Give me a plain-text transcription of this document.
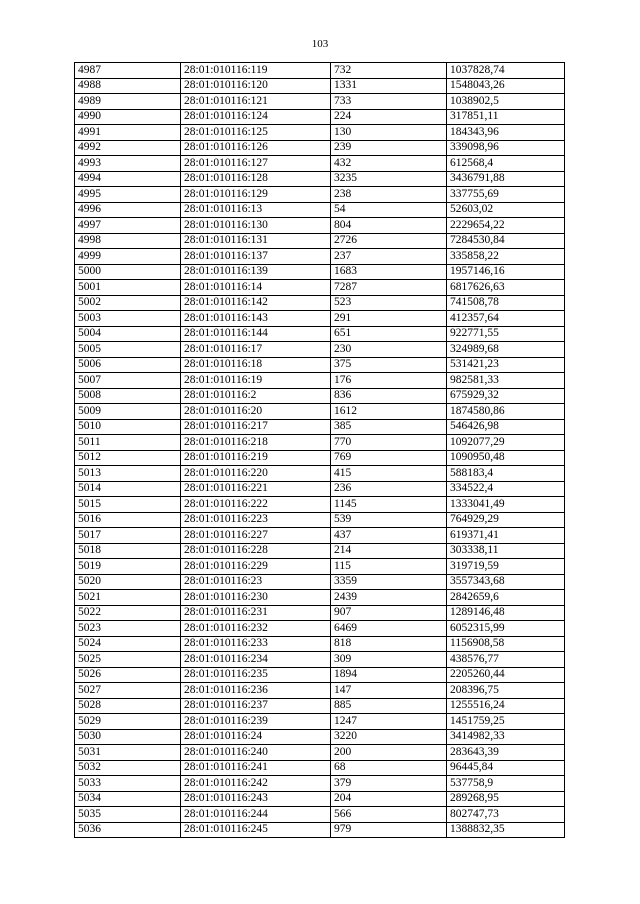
103
4987	28:01:010116:119	732	1037828,74
4988	28:01:010116:120	1331	1548043,26
4989	28:01:010116:121	733	1038902,5
4990	28:01:010116:124	224	317851,11
4991	28:01:010116:125	130	184343,96
4992	28:01:010116:126	239	339098,96
4993	28:01:010116:127	432	612568,4
4994	28:01:010116:128	3235	3436791,88
4995	28:01:010116:129	238	337755,69
4996	28:01:010116:13	54	52603,02
4997	28:01:010116:130	804	2229654,22
4998	28:01:010116:131	2726	7284530,84
4999	28:01:010116:137	237	335858,22
5000	28:01:010116:139	1683	1957146,16
5001	28:01:010116:14	7287	6817626,63
5002	28:01:010116:142	523	741508,78
5003	28:01:010116:143	291	412357,64
5004	28:01:010116:144	651	922771,55
5005	28:01:010116:17	230	324989,68
5006	28:01:010116:18	375	531421,23
5007	28:01:010116:19	176	982581,33
5008	28:01:010116:2	836	675929,32
5009	28:01:010116:20	1612	1874580,86
5010	28:01:010116:217	385	546426,98
5011	28:01:010116:218	770	1092077,29
5012	28:01:010116:219	769	1090950,48
5013	28:01:010116:220	415	588183,4
5014	28:01:010116:221	236	334522,4
5015	28:01:010116:222	1145	1333041,49
5016	28:01:010116:223	539	764929,29
5017	28:01:010116:227	437	619371,41
5018	28:01:010116:228	214	303338,11
5019	28:01:010116:229	115	319719,59
5020	28:01:010116:23	3359	3557343,68
5021	28:01:010116:230	2439	2842659,6
5022	28:01:010116:231	907	1289146,48
5023	28:01:010116:232	6469	6052315,99
5024	28:01:010116:233	818	1156908,58
5025	28:01:010116:234	309	438576,77
5026	28:01:010116:235	1894	2205260,44
5027	28:01:010116:236	147	208396,75
5028	28:01:010116:237	885	1255516,24
5029	28:01:010116:239	1247	1451759,25
5030	28:01:010116:24	3220	3414982,33
5031	28:01:010116:240	200	283643,39
5032	28:01:010116:241	68	96445,84
5033	28:01:010116:242	379	537758,9
5034	28:01:010116:243	204	289268,95
5035	28:01:010116:244	566	802747,73
5036	28:01:010116:245	979	1388832,35
